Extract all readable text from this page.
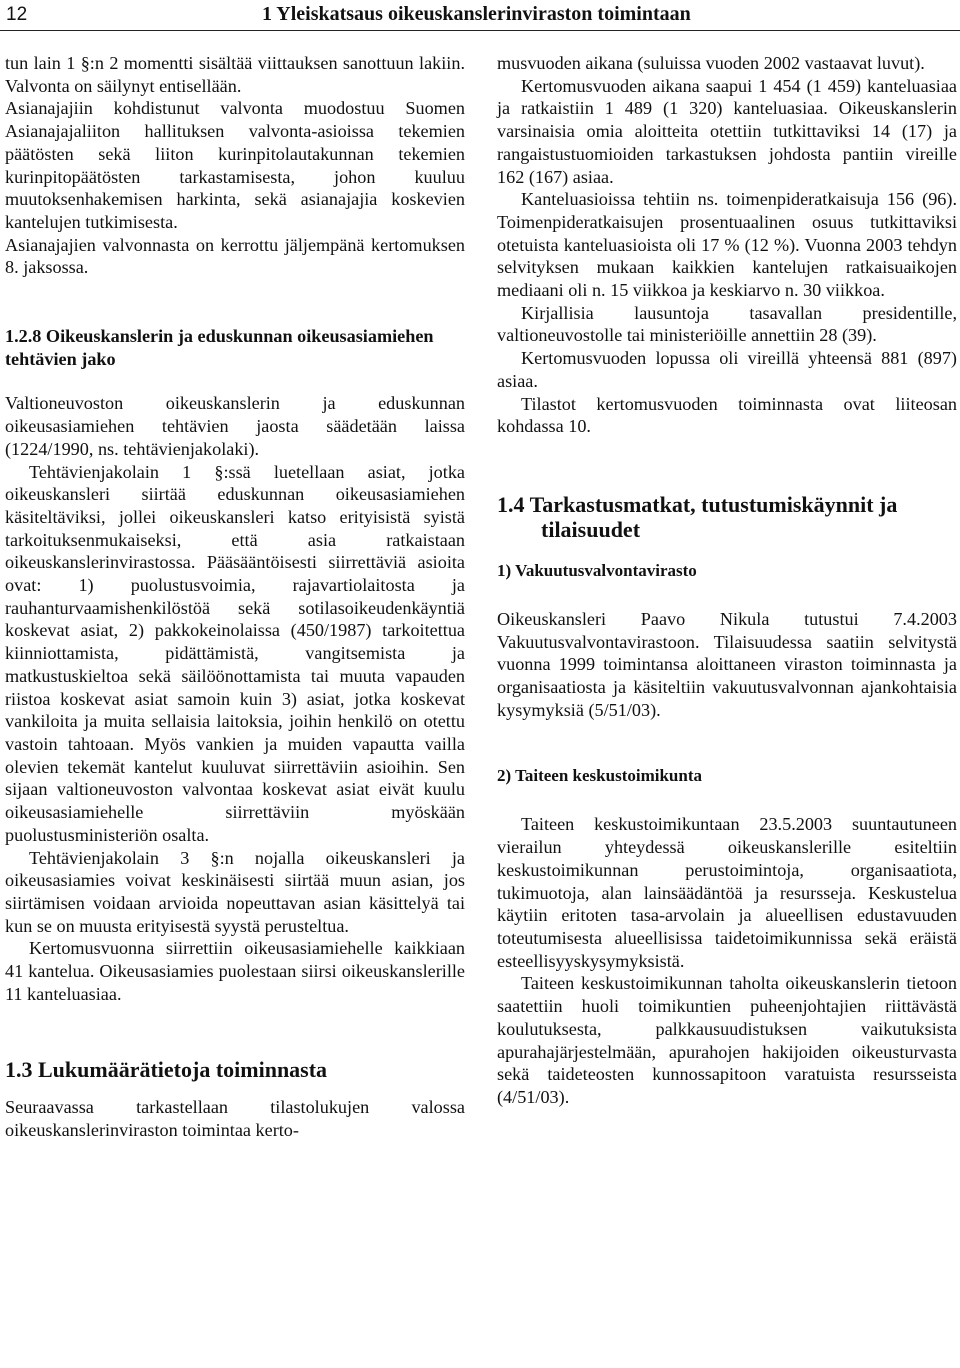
12	1 Yleiskatsaus oikeuskanslerinviraston toimintaan

tun lain 1 §:n 2 momentti sisältää viittauksen sanottuun lakiin. Valvonta on säilynyt entisellään.

Asianajajiin kohdistunut valvonta muodostuu Suomen Asianajajaliiton hallituksen valvonta-asioissa tekemien päätösten sekä liiton kurinpitolautakunnan tekemien kurinpitopäätösten tarkastamisesta, johon kuuluu muutoksenhakemisen harkinta, sekä asianajajia koskevien kantelujen tutkimisesta.

Asianajajien valvonnasta on kerrottu jäljempänä kertomuksen 8. jaksossa.

1.2.8 Oikeuskanslerin ja eduskunnan oikeusasiamiehen tehtävien jako

Valtioneuvoston oikeuskanslerin ja eduskunnan oikeusasiamiehen tehtävien jaosta säädetään laissa (1224/1990, ns. tehtävienjakolaki).

Tehtävienjakolain 1 §:ssä luetellaan asiat, jotka oikeuskansleri siirtää eduskunnan oikeusasiamiehen käsiteltäviksi, jollei oikeuskansleri katso erityisistä syistä tarkoituksenmukaiseksi, että asia ratkaistaan oikeuskanslerinvirastossa. Pääsääntöisesti siirrettäviä asioita ovat: 1) puolustusvoimia, rajavartiolaitosta ja rauhanturvaamishenkilöstöä sekä sotilasoikeudenkäyntiä koskevat asiat, 2) pakkokeinolaissa (450/1987) tarkoitettua kiinniottamista, pidättämistä, vangitsemista ja matkustuskieltoa sekä säilöönottamista tai muuta vapauden riistoa koskevat asiat samoin kuin 3) asiat, jotka koskevat vankiloita ja muita sellaisia laitoksia, joihin henkilö on otettu vastoin tahtoaan. Myös vankien ja muiden vapautta vailla olevien tekemät kantelut kuuluvat siirrettäviin asioihin. Sen sijaan valtioneuvoston valvontaa koskevat asiat eivät kuulu oikeusasiamiehelle siirrettäviin myöskään puolustusministeriön osalta.

Tehtävienjakolain 3 §:n nojalla oikeuskansleri ja oikeusasiamies voivat keskinäisesti siirtää muun asian, jos siirtämisen voidaan arvioida nopeuttavan asian käsittelyä tai kun se on muusta erityisestä syystä perusteltua.

Kertomusvuonna siirrettiin oikeusasiamiehelle kaikkiaan 41 kantelua. Oikeusasiamies puolestaan siirsi oikeuskanslerille 11 kanteluasiaa.

1.3 Lukumäärätietoja toiminnasta

Seuraavassa tarkastellaan tilastolukujen valossa oikeuskanslerinviraston toimintaa kerto-

musvuoden aikana (suluissa vuoden 2002 vastaavat luvut).

Kertomusvuoden aikana saapui 1 454 (1 459) kanteluasiaa ja ratkaistiin 1 489 (1 320) kanteluasiaa. Oikeuskanslerin varsinaisia omia aloitteita otettiin tutkittaviksi 14 (17) ja rangaistustuomioiden tarkastuksen johdosta pantiin vireille 162 (167) asiaa.

Kanteluasioissa tehtiin ns. toimenpideratkaisuja 156 (96). Toimenpideratkaisujen prosentuaalinen osuus tutkittaviksi otetuista kanteluasioista oli 17 % (12 %). Vuonna 2003 tehdyn selvityksen mukaan kaikkien kantelujen ratkaisuaikojen mediaani oli n. 15 viikkoa ja keskiarvo n. 30 viikkoa.

Kirjallisia lausuntoja tasavallan presidentille, valtioneuvostolle tai ministeriöille annettiin 28 (39).

Kertomusvuoden lopussa oli vireillä yhteensä 881 (897) asiaa.

Tilastot kertomusvuoden toiminnasta ovat liiteosan kohdassa 10.

1.4 Tarkastusmatkat, tutustumiskäynnit ja tilaisuudet
1) Vakuutusvalvontavirasto

Oikeuskansleri Paavo Nikula tutustui 7.4.2003 Vakuutusvalvontavirastoon. Tilaisuudessa saatiin selvitystä vuonna 1999 toimintansa aloittaneen viraston toiminnasta ja organisaatiosta ja käsiteltiin vakuutusvalvonnan ajankohtaisia kysymyksiä (5/51/03).

2) Taiteen keskustoimikunta

Taiteen keskustoimikuntaan 23.5.2003 suuntautuneen vierailun yhteydessä oikeuskanslerille esiteltiin keskustoimikunnan perustoimintoja, organisaatiota, tukimuotoja, alan lainsäädäntöä ja resursseja. Keskustelua käytiin eritoten tasa-arvolain ja alueellisen edustavuuden toteutumisesta alueellisissa taidetoimikunnissa sekä eräistä esteellisyyskysymyksistä.

Taiteen keskustoimikunnan taholta oikeuskanslerin tietoon saatettiin huoli toimikuntien puheenjohtajien riittävästä koulutuksesta, palkkausuudistuksen vaikutuksista apurahajärjestelmään, apurahojen hakijoiden oikeusturvasta sekä taideteosten kunnossapitoon varatuista resursseista (4/51/03).
